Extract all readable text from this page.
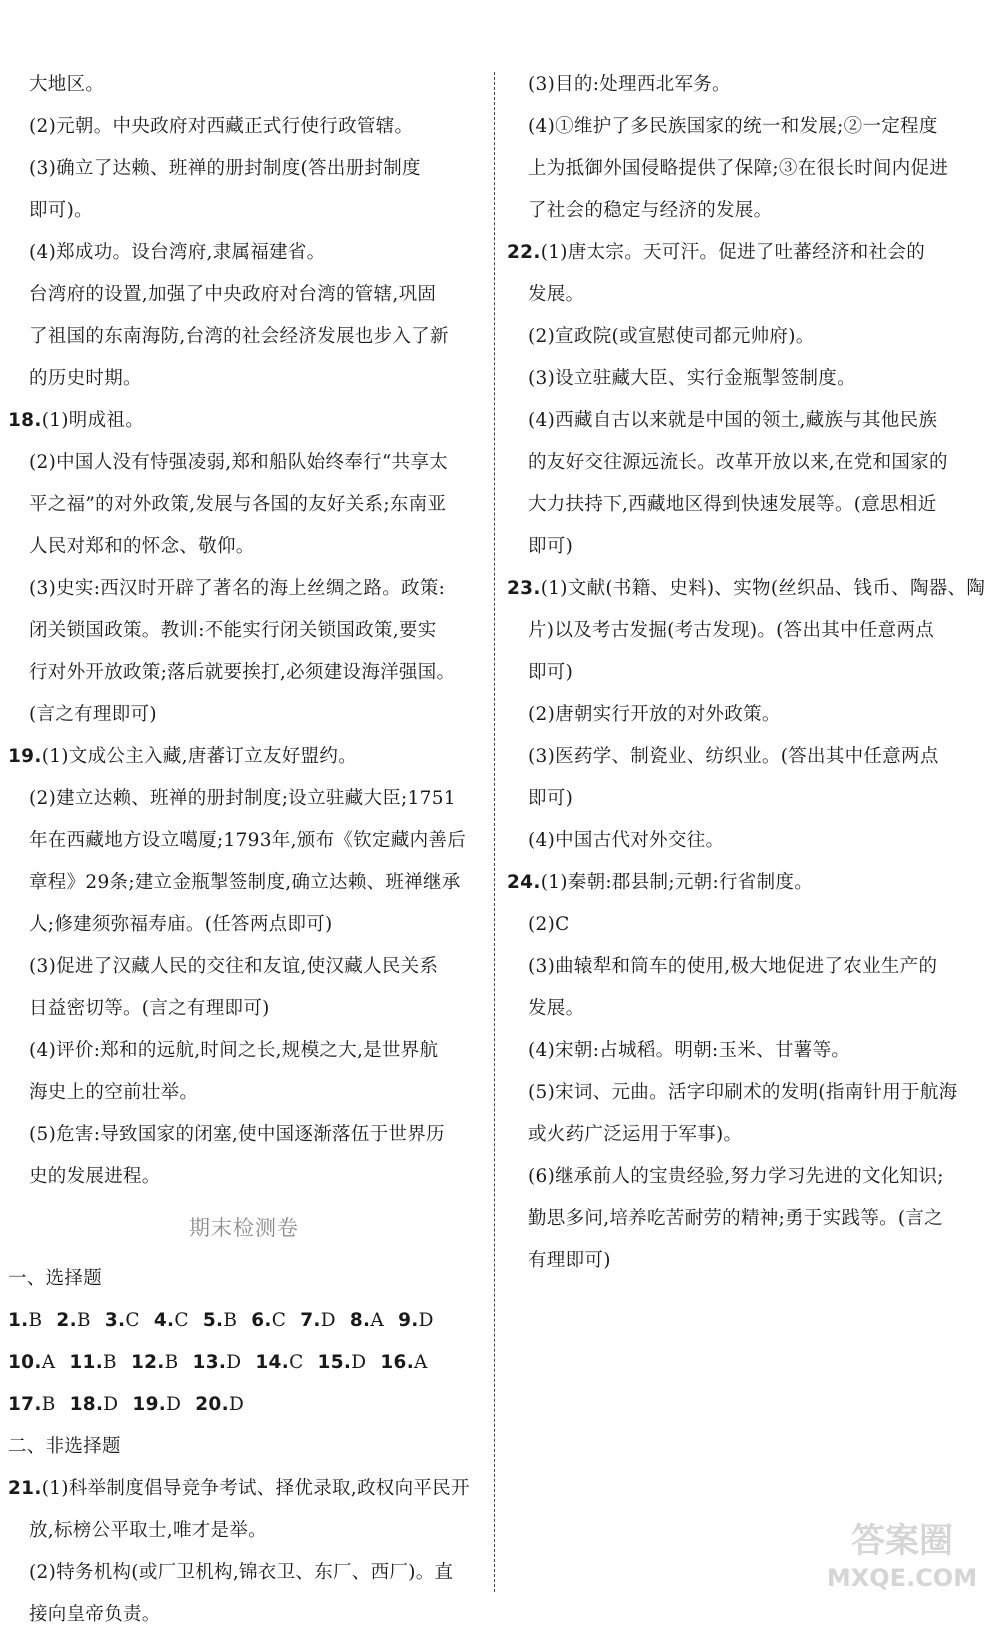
大地区。
(2)元朝。中央政府对西藏正式行使行政管辖。
(3)确立了达赖、班禅的册封制度(答出册封制度
即可)。
(4)郑成功。设台湾府,隶属福建省。
台湾府的设置,加强了中央政府对台湾的管辖,巩固
了祖国的东南海防,台湾的社会经济发展也步入了新
的历史时期。
18.(1)明成祖。
(2)中国人没有恃强凌弱,郑和船队始终奉行“共享太
平之福”的对外政策,发展与各国的友好关系;东南亚
人民对郑和的怀念、敬仰。
(3)史实:西汉时开辟了著名的海上丝绸之路。政策:
闭关锁国政策。教训:不能实行闭关锁国政策,要实
行对外开放政策;落后就要挨打,必须建设海洋强国。
(言之有理即可)
19.(1)文成公主入藏,唐蕃订立友好盟约。
(2)建立达赖、班禅的册封制度;设立驻藏大臣;1751
年在西藏地方设立噶厦;1793年,颁布《钦定藏内善后
章程》29条;建立金瓶掣签制度,确立达赖、班禅继承
人;修建须弥福寿庙。(任答两点即可)
(3)促进了汉藏人民的交往和友谊,使汉藏人民关系
日益密切等。(言之有理即可)
(4)评价:郑和的远航,时间之长,规模之大,是世界航
海史上的空前壮举。
(5)危害:导致国家的闭塞,使中国逐渐落伍于世界历
史的发展进程。
期末检测卷
一、选择题
1.B 2.B 3.C 4.C 5.B 6.C 7.D 8.A 9.D
10.A 11.B 12.B 13.D 14.C 15.D 16.A
17.B 18.D 19.D 20.D
二、非选择题
21.(1)科举制度倡导竞争考试、择优录取,政权向平民开
放,标榜公平取士,唯才是举。
(2)特务机构(或厂卫机构,锦衣卫、东厂、西厂)。直
接向皇帝负责。
(3)目的:处理西北军务。
(4)①维护了多民族国家的统一和发展;②一定程度
上为抵御外国侵略提供了保障;③在很长时间内促进
了社会的稳定与经济的发展。
22.(1)唐太宗。天可汗。促进了吐蕃经济和社会的
发展。
(2)宣政院(或宣慰使司都元帅府)。
(3)设立驻藏大臣、实行金瓶掣签制度。
(4)西藏自古以来就是中国的领土,藏族与其他民族
的友好交往源远流长。改革开放以来,在党和国家的
大力扶持下,西藏地区得到快速发展等。(意思相近
即可)
23.(1)文献(书籍、史料)、实物(丝织品、钱币、陶器、陶
片)以及考古发掘(考古发现)。(答出其中任意两点
即可)
(2)唐朝实行开放的对外政策。
(3)医药学、制瓷业、纺织业。(答出其中任意两点
即可)
(4)中国古代对外交往。
24.(1)秦朝:郡县制;元朝:行省制度。
(2)C
(3)曲辕犁和筒车的使用,极大地促进了农业生产的
发展。
(4)宋朝:占城稻。明朝:玉米、甘薯等。
(5)宋词、元曲。活字印刷术的发明(指南针用于航海
或火药广泛运用于军事)。
(6)继承前人的宝贵经验,努力学习先进的文化知识;
勤思多问,培养吃苦耐劳的精神;勇于实践等。(言之
有理即可)
答案圈
MXQE.COM
